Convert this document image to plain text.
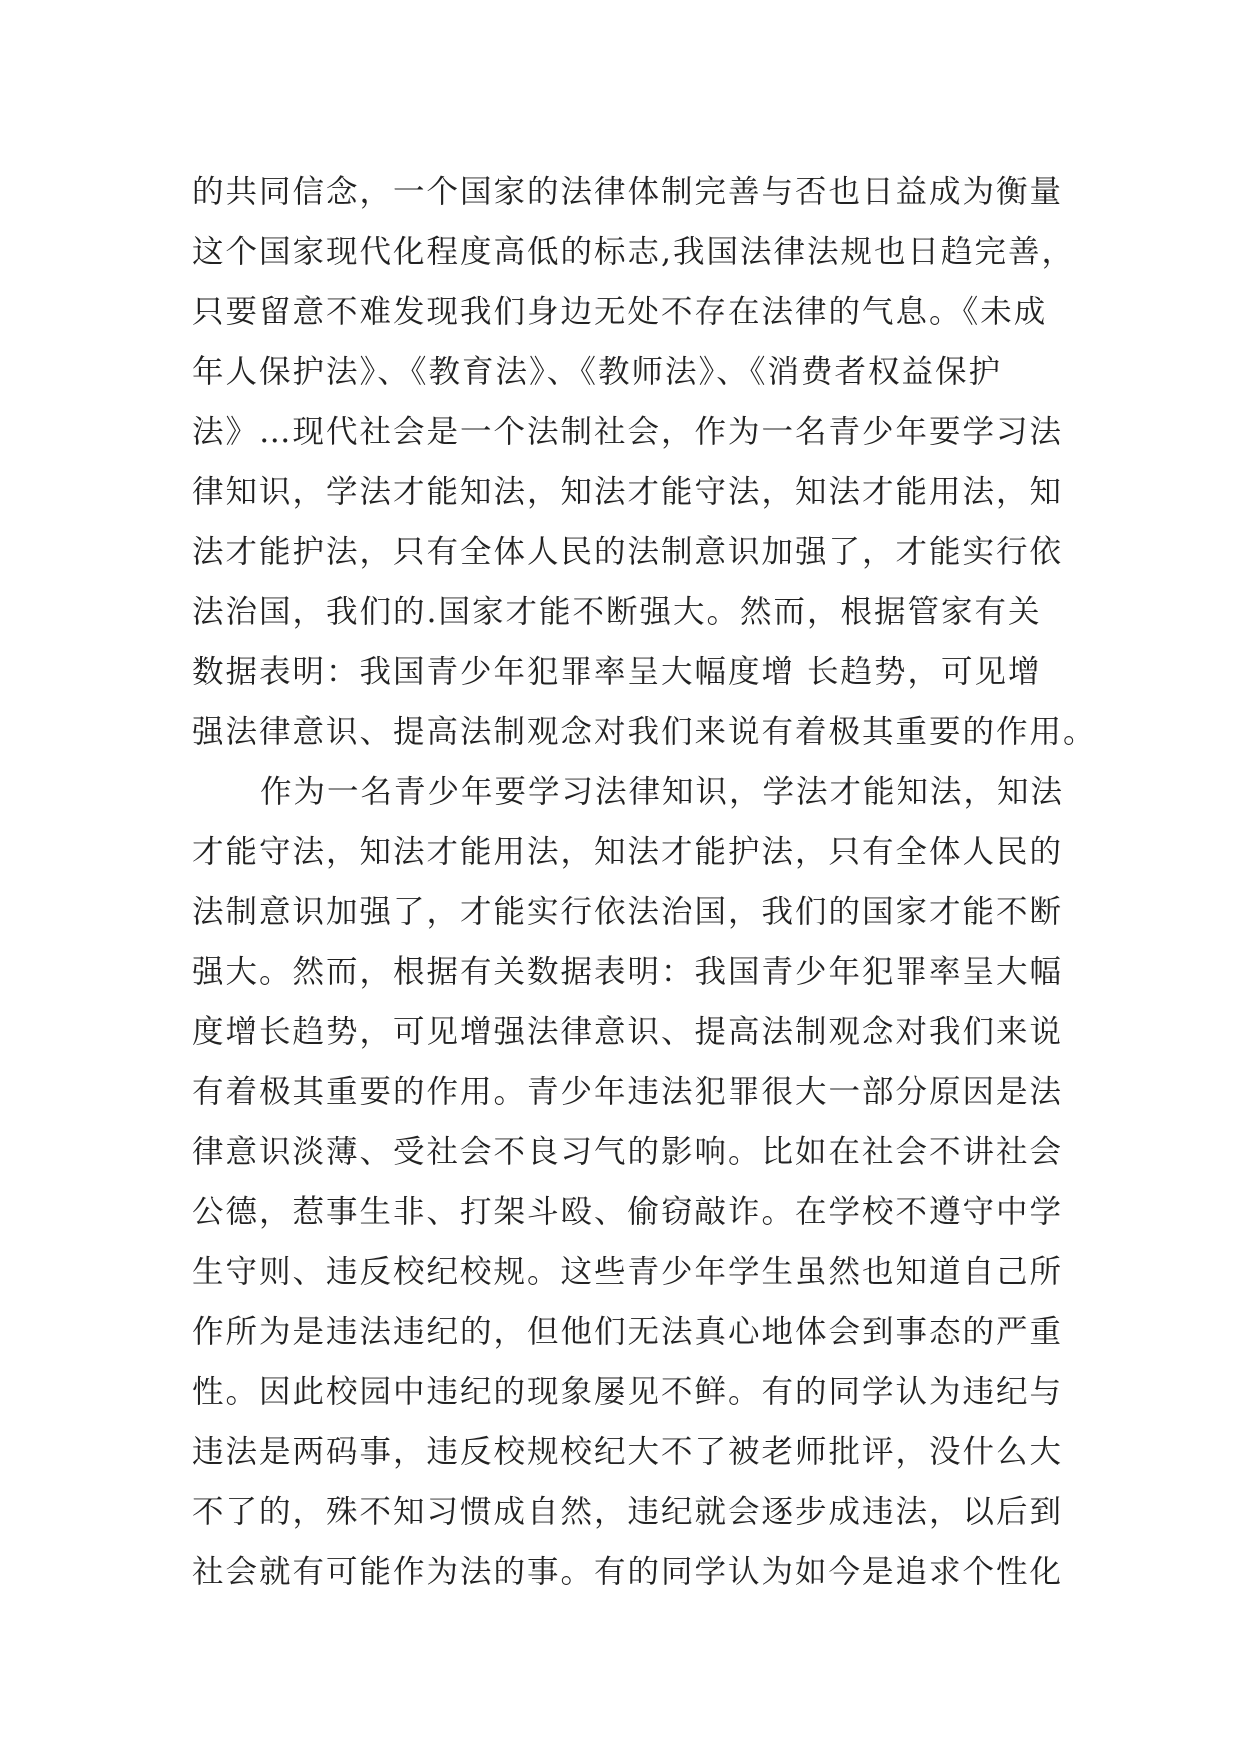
的共同信念，一个国家的法律体制完善与否也日益成为衡量
这个国家现代化程度高低的标志,我国法律法规也日趋完善，
只要留意不难发现我们身边无处不存在法律的气息。《未成
年人保护法》、《教育法》、《教师法》、《消费者权益保护
法》…现代社会是一个法制社会，作为一名青少年要学习法
律知识，学法才能知法，知法才能守法，知法才能用法，知
法才能护法，只有全体人民的法制意识加强了，才能实行依
法治国，我们的.国家才能不断强大。然而，根据管家有关
数据表明：我国青少年犯罪率呈大幅度增 长趋势，可见增
强法律意识、提高法制观念对我们来说有着极其重要的作用。
作为一名青少年要学习法律知识，学法才能知法，知法
才能守法，知法才能用法，知法才能护法，只有全体人民的
法制意识加强了，才能实行依法治国，我们的国家才能不断
强大。然而，根据有关数据表明：我国青少年犯罪率呈大幅
度增长趋势，可见增强法律意识、提高法制观念对我们来说
有着极其重要的作用。青少年违法犯罪很大一部分原因是法
律意识淡薄、受社会不良习气的影响。比如在社会不讲社会
公德，惹事生非、打架斗殴、偷窃敲诈。在学校不遵守中学
生守则、违反校纪校规。这些青少年学生虽然也知道自己所
作所为是违法违纪的，但他们无法真心地体会到事态的严重
性。因此校园中违纪的现象屡见不鲜。有的同学认为违纪与
违法是两码事，违反校规校纪大不了被老师批评，没什么大
不了的，殊不知习惯成自然，违纪就会逐步成违法，以后到
社会就有可能作为法的事。有的同学认为如今是追求个性化
